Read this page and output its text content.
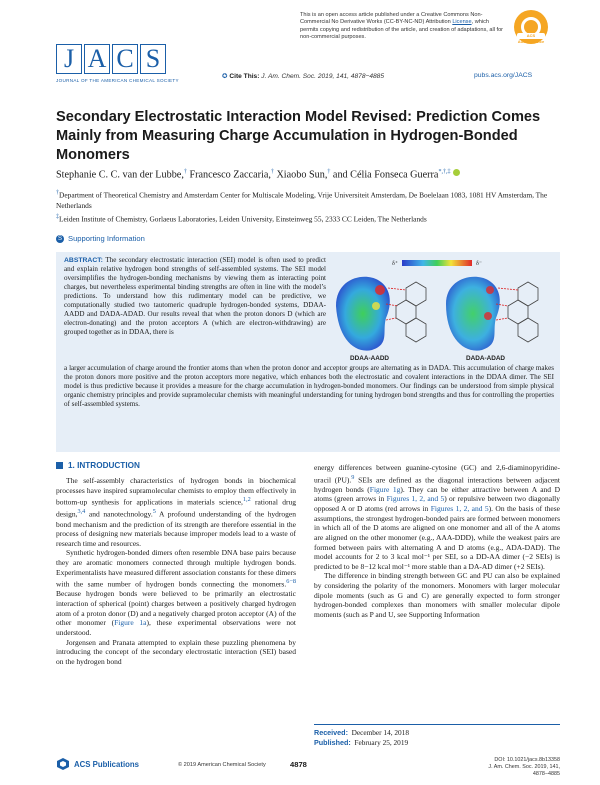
This is an open access article published under a Creative Commons Non-Commercial No Derivative Works (CC-BY-NC-ND) Attribution License, which permits copying and redistribution of the article, and creation of adaptations, all for non-commercial purposes.	ACS AuthorChoice
J A C S
JOURNAL OF THE AMERICAN CHEMICAL SOCIETY
✪ Cite This: J. Am. Chem. Soc. 2019, 141, 4878−4885	pubs.acs.org/JACS
Secondary Electrostatic Interaction Model Revised: Prediction Comes Mainly from Measuring Charge Accumulation in Hydrogen-Bonded Monomers
Stephanie C. C. van der Lubbe,† Francesco Zaccaria,† Xiaobo Sun,† and Célia Fonseca Guerra*,†,‡
†Department of Theoretical Chemistry and Amsterdam Center for Multiscale Modeling, Vrije Universiteit Amsterdam, De Boelelaan 1083, 1081 HV Amsterdam, The Netherlands
‡Leiden Institute of Chemistry, Gorlaeus Laboratories, Leiden University, Einsteinweg 55, 2333 CC Leiden, The Netherlands
S Supporting Information
ABSTRACT: The secondary electrostatic interaction (SEI) model is often used to predict and explain relative hydrogen bond strengths of self-assembled systems. The SEI model oversimplifies the hydrogen-bonding mechanisms by viewing them as interacting point charges, but nevertheless experimental binding strengths are often in line with the model’s predictions. To understand how this rudimentary model can be predictive, we computationally studied two tautomeric quadruple hydrogen-bonded systems, DDAA-AADD and DADA-ADAD. Our results reveal that when the proton donors D (which are electron-donating) and the proton acceptors A (which are electron-withdrawing) are grouped together as in DDAA, there is
δ⁺	δ⁻
DDAA-AADD	DADA-ADAD
a larger accumulation of charge around the frontier atoms than when the proton donor and acceptor groups are alternating as in DADA. This accumulation of charge makes the proton donors more positive and the proton acceptors more negative, which enhances both the electrostatic and covalent interactions in the DDAA dimer. The SEI model is thus predictive because it provides a measure for the charge accumulation in hydrogen-bonded monomers. Our findings can be understood from simple physical organic chemistry principles and provide supramolecular chemists with meaningful understanding for tuning hydrogen bond strengths and thus for controlling the properties of self-assembled systems.
1. INTRODUCTION

The self-assembly characteristics of hydrogen bonds in biochemical processes have inspired supramolecular chemists to employ them effectively in bottom-up synthesis for applications in materials science,$^{1,2}$ rational drug design,$^{3,4}$ and nanotechnology.$^5$ A profound understanding of the hydrogen bond mechanism and the prediction of its strength are therefore essential in the process of designing new materials because improper models lead to a waste of research time and resources.

Synthetic hydrogen-bonded dimers often resemble DNA base pairs because they are aromatic monomers connected through multiple hydrogen bonds. Experimentalists have measured different association constants for these dimers with the same number of hydrogen bonds connecting the monomers.$^{6-8}$ Because hydrogen bonds were believed to be primarily an electrostatic interaction of spherical (point) charges between a positively charged hydrogen atom of a proton donor (D) and a negatively charged proton acceptor (A) of the other monomer (Figure 1a), these experimental observations were not understood.

Jorgensen and Pranata attempted to explain these puzzling phenomena by introducing the concept of the secondary electrostatic interaction (SEI) based on the hydrogen bond

energy differences between guanine-cytosine (GC) and 2,6-diaminopyridine-uracil (PU).$^9$ SEIs are defined as the diagonal interactions between adjacent hydrogen bonds (Figure 1g). They can be either attractive between A and D atoms (green arrows in Figures 1, 2, and 5) or repulsive between two diagonally opposed A or D atoms (red arrows in Figures 1, 2, and 5). On the basis of these assumptions, the strongest hydrogen-bonded pairs are formed between monomers in which all of the D atoms are aligned on one monomer and all of the A atoms are aligned on the other monomer (e.g., AAA-DDD), while the weakest pairs are formed between pairs with alternating A and D atoms (e.g., ADA-DAD). The model accounts for 2 to 3 kcal mol⁻¹ per SEI, so a DD-AA dimer (−2 SEIs) is predicted to be 8−12 kcal mol⁻¹ more stable than a DA-AD dimer (+2 SEIs).

The difference in binding strength between GC and PU can also be explained by considering the polarity of the monomers. Monomers with larger molecular dipole moments (such as G and C) are generally expected to form stronger hydrogen-bonded complexes than monomers with smaller molecular dipole moments (such as P and U, see Supporting Information

Received: December 14, 2018
Published: February 25, 2019
ACS Publications	© 2019 American Chemical Society	4878	DOI: 10.1021/jacs.8b13358
J. Am. Chem. Soc. 2019, 141, 4878−4885
